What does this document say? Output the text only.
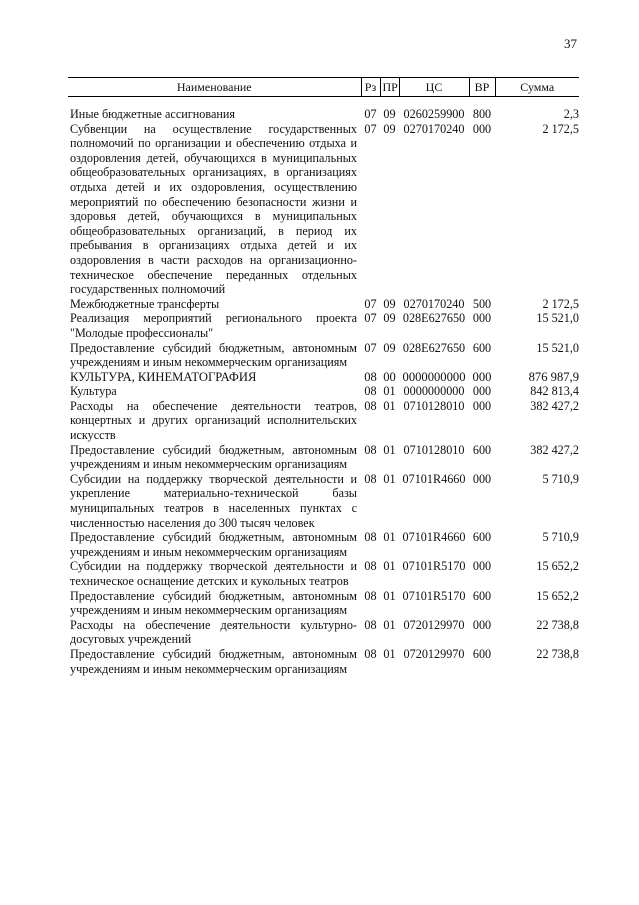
37
Наименование	Рз	ПР	ЦС	ВР	Сумма

Иные бюджетные ассигнования	07	09	0260259900	800	2,3
Субвенции на осуществление государственных полномочий по организации и обеспечению отдыха и оздоровления детей, обучающихся в муниципальных общеобразовательных организациях, в организациях отдыха детей и их оздоровления, осуществлению мероприятий по обеспечению безопасности жизни и здоровья детей, обучающихся в муниципальных общеобразовательных организаций, в период их пребывания в организациях отдыха детей и их оздоровления в части расходов на организационно-техническое обеспечение переданных отдельных государственных полномочий	07	09	0270170240	000	2 172,5
Межбюджетные трансферты	07	09	0270170240	500	2 172,5
Реализация мероприятий регионального проекта "Молодые профессионалы"	07	09	028E627650	000	15 521,0
Предоставление субсидий бюджетным, автономным учреждениям и иным некоммерческим организациям	07	09	028E627650	600	15 521,0
КУЛЬТУРА, КИНЕМАТОГРАФИЯ	08	00	0000000000	000	876 987,9
Культура	08	01	0000000000	000	842 813,4
Расходы на обеспечение деятельности театров, концертных и других организаций исполнительских искусств	08	01	0710128010	000	382 427,2
Предоставление субсидий бюджетным, автономным учреждениям и иным некоммерческим организациям	08	01	0710128010	600	382 427,2
Субсидии на поддержку творческой деятельности и укрепление материально-технической базы муниципальных театров в населенных пунктах с численностью населения до 300 тысяч человек	08	01	07101R4660	000	5 710,9
Предоставление субсидий бюджетным, автономным учреждениям и иным некоммерческим организациям	08	01	07101R4660	600	5 710,9
Субсидии на поддержку творческой деятельности и техническое оснащение детских и кукольных театров	08	01	07101R5170	000	15 652,2
Предоставление субсидий бюджетным, автономным учреждениям и иным некоммерческим организациям	08	01	07101R5170	600	15 652,2
Расходы на обеспечение деятельности культурно-досуговых учреждений	08	01	0720129970	000	22 738,8
Предоставление субсидий бюджетным, автономным учреждениям и иным некоммерческим организациям	08	01	0720129970	600	22 738,8
